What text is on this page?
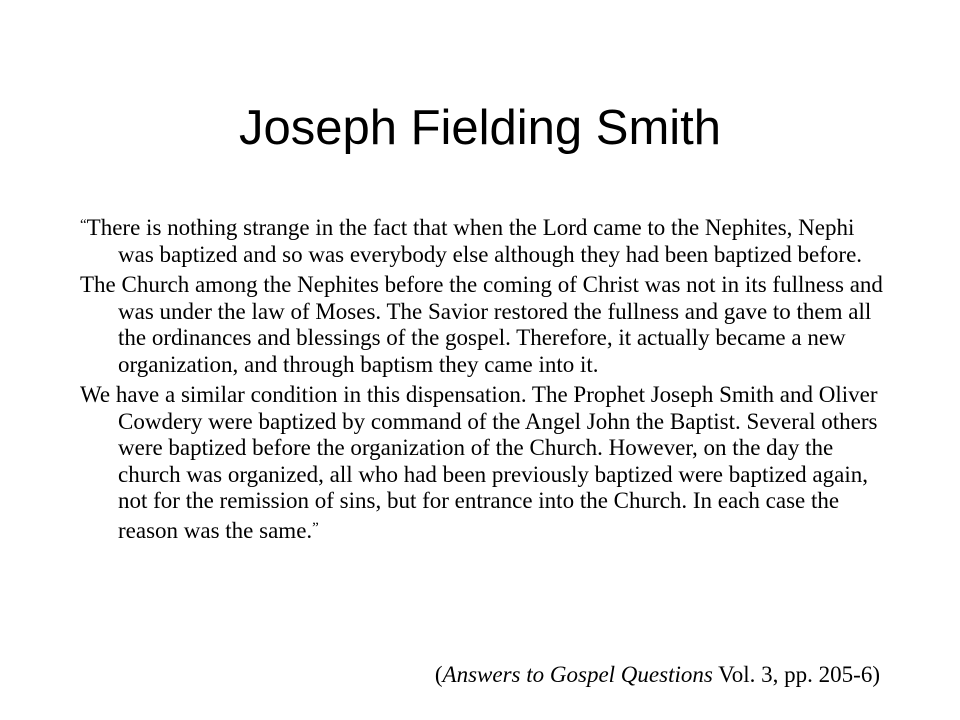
Joseph Fielding Smith

“There is nothing strange in the fact that when the Lord came to the Nephites, Nephi was baptized and so was everybody else although they had been baptized before.

The Church among the Nephites before the coming of Christ was not in its fullness and was under the law of Moses. The Savior restored the fullness and gave to them all the ordinances and blessings of the gospel. Therefore, it actually became a new organization, and through baptism they came into it.

We have a similar condition in this dispensation. The Prophet Joseph Smith and Oliver Cowdery were baptized by command of the Angel John the Baptist. Several others were baptized before the organization of the Church. However, on the day the church was organized, all who had been previously baptized were baptized again, not for the remission of sins, but for entrance into the Church. In each case the reason was the same.”

(Answers to Gospel Questions Vol. 3, pp. 205-6)
